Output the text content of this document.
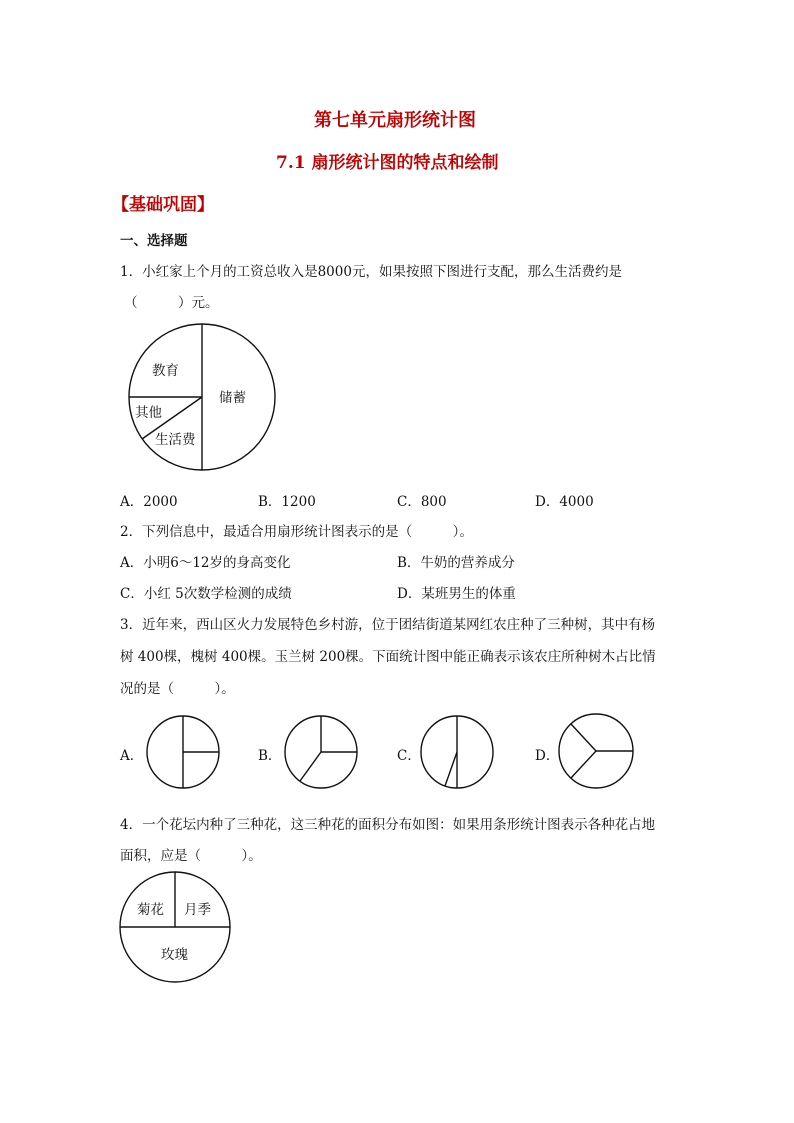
第七单元扇形统计图
7.1 扇形统计图的特点和绘制
【基础巩固】
一、选择题
1．小红家上个月的工资总收入是8000元，如果按照下图进行支配，那么生活费约是
（　　　）元。
教育
储蓄
其他
生活费
A．2000	B．1200	C．800	D．4000
2．下列信息中，最适合用扇形统计图表示的是（　　　）。
A．小明6～12岁的身高变化	B．牛奶的营养成分
C．小红 5次数学检测的成绩	D．某班男生的体重
3．近年来，西山区火力发展特色乡村游，位于团结街道某网红农庄种了三种树，其中有杨
树 400棵，槐树 400棵。玉兰树 200棵。下面统计图中能正确表示该农庄所种树木占比情
况的是（　　　）。
A．	B．	C．	D．
4．一个花坛内种了三种花，这三种花的面积分布如图：如果用条形统计图表示各种花占地
面积，应是（　　　）。
菊花 月季
玫瑰
